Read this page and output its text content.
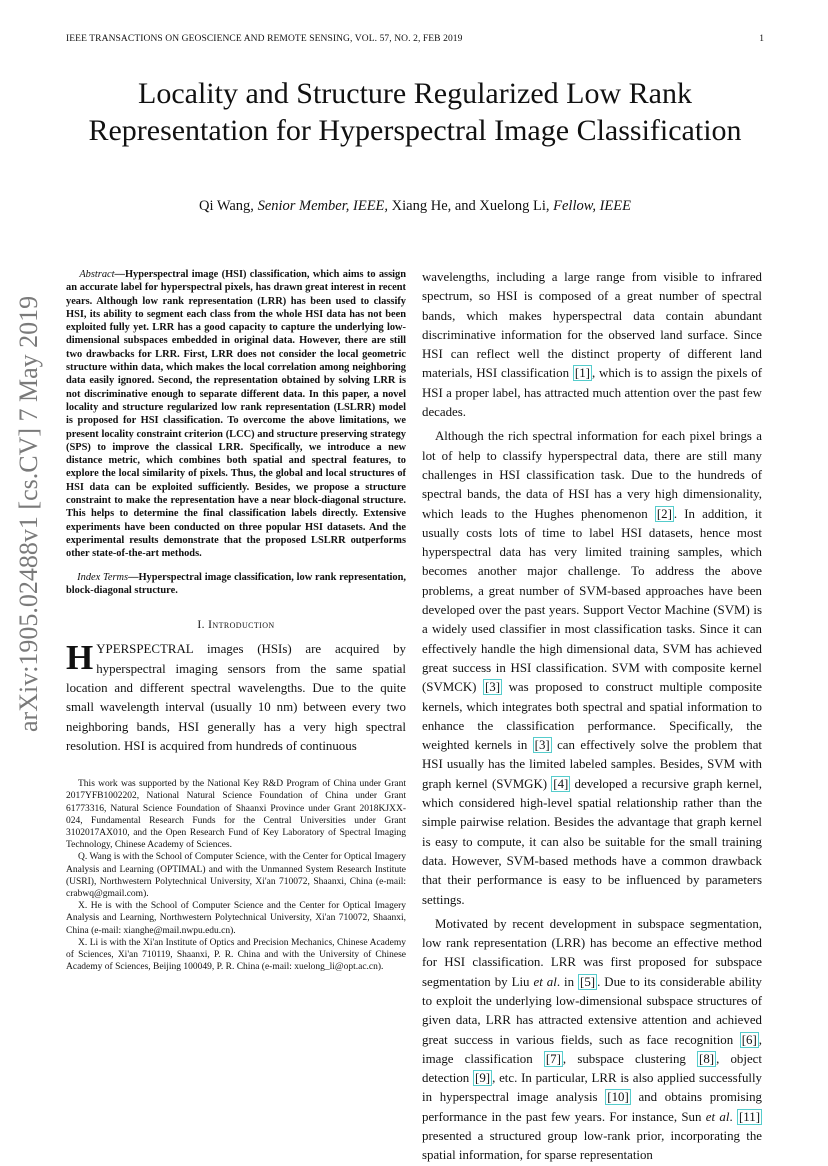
IEEE TRANSACTIONS ON GEOSCIENCE AND REMOTE SENSING, VOL. 57, NO. 2, FEB 2019	1
arXiv:1905.02488v1 [cs.CV] 7 May 2019
Locality and Structure Regularized Low Rank Representation for Hyperspectral Image Classification
Qi Wang, Senior Member, IEEE, Xiang He, and Xuelong Li, Fellow, IEEE
Abstract—Hyperspectral image (HSI) classification, which aims to assign an accurate label for hyperspectral pixels, has drawn great interest in recent years. Although low rank representation (LRR) has been used to classify HSI, its ability to segment each class from the whole HSI data has not been exploited fully yet. LRR has a good capacity to capture the underlying low-dimensional subspaces embedded in original data. However, there are still two drawbacks for LRR. First, LRR does not consider the local geometric structure within data, which makes the local correlation among neighboring data easily ignored. Second, the representation obtained by solving LRR is not discriminative enough to separate different data. In this paper, a novel locality and structure regularized low rank representation (LSLRR) model is proposed for HSI classification. To overcome the above limitations, we present locality constraint criterion (LCC) and structure preserving strategy (SPS) to improve the classical LRR. Specifically, we introduce a new distance metric, which combines both spatial and spectral features, to explore the local similarity of pixels. Thus, the global and local structures of HSI data can be exploited sufficiently. Besides, we propose a structure constraint to make the representation have a near block-diagonal structure. This helps to determine the final classification labels directly. Extensive experiments have been conducted on three popular HSI datasets. And the experimental results demonstrate that the proposed LSLRR outperforms other state-of-the-art methods.
Index Terms—Hyperspectral image classification, low rank representation, block-diagonal structure.
I. Introduction
HYPERSPECTRAL images (HSIs) are acquired by hyperspectral imaging sensors from the same spatial location and different spectral wavelengths. Due to the quite small wavelength interval (usually 10 nm) between every two neighboring bands, HSI generally has a very high spectral resolution. HSI is acquired from hundreds of continuous

This work was supported by the National Key R&D Program of China under Grant 2017YFB1002202, National Natural Science Foundation of China under Grant 61773316, Natural Science Foundation of Shaanxi Province under Grant 2018KJXX-024, Fundamental Research Funds for the Central Universities under Grant 3102017AX010, and the Open Research Fund of Key Laboratory of Spectral Imaging Technology, Chinese Academy of Sciences.

Q. Wang is with the School of Computer Science, with the Center for Optical Imagery Analysis and Learning (OPTIMAL) and with the Unmanned System Research Institute (USRI), Northwestern Polytechnical University, Xi'an 710072, Shaanxi, China (e-mail: crabwq@gmail.com).

X. He is with the School of Computer Science and the Center for Optical Imagery Analysis and Learning, Northwestern Polytechnical University, Xi'an 710072, Shaanxi, China (e-mail: xianghe@mail.nwpu.edu.cn).

X. Li is with the Xi'an Institute of Optics and Precision Mechanics, Chinese Academy of Sciences, Xi'an 710119, Shaanxi, P. R. China and with the University of Chinese Academy of Sciences, Beijing 100049, P. R. China (e-mail: xuelong_li@opt.ac.cn).

wavelengths, including a large range from visible to infrared spectrum, so HSI is composed of a great number of spectral bands, which makes hyperspectral data contain abundant discriminative information for the observed land surface. Since HSI can reflect well the distinct property of different land materials, HSI classification [1] , which is to assign the pixels of HSI a proper label, has attracted much attention over the past few decades.

Although the rich spectral information for each pixel brings a lot of help to classify hyperspectral data, there are still many challenges in HSI classification task. Due to the hundreds of spectral bands, the data of HSI has a very high dimensionality, which leads to the Hughes phenomenon [2] . In addition, it usually costs lots of time to label HSI datasets, hence most hyperspectral data has very limited training samples, which becomes another major challenge. To address the above problems, a great number of SVM-based approaches have been developed over the past years. Support Vector Machine (SVM) is a widely used classifier in most classification tasks. Since it can effectively handle the high dimensional data, SVM has achieved great success in HSI classification. SVM with composite kernel (SVMCK) [3] was proposed to construct multiple composite kernels, which integrates both spectral and spatial information to enhance the classification performance. Specifically, the weighted kernels in [3] can effectively solve the problem that HSI usually has the limited labeled samples. Besides, SVM with graph kernel (SVMGK) [4] developed a recursive graph kernel, which considered high-level spatial relationship rather than the simple pairwise relation. Besides the advantage that graph kernel is easy to compute, it can also be suitable for the small training data. However, SVM-based methods have a common drawback that their performance is easy to be influenced by parameters settings.

Motivated by recent development in subspace segmentation, low rank representation (LRR) has become an effective method for HSI classification. LRR was first proposed for subspace segmentation by Liu et al. in [5] . Due to its considerable ability to exploit the underlying low-dimensional subspace structures of given data, LRR has attracted extensive attention and achieved great success in various fields, such as face recognition [6] , image classification [7] , subspace clustering [8] , object detection [9] , etc. In particular, LRR is also applied successfully in hyperspectral image analysis [10] and obtains promising performance in the past few years. For instance, Sun et al. [11] presented a structured group low-rank prior, incorporating the spatial information, for sparse representation
